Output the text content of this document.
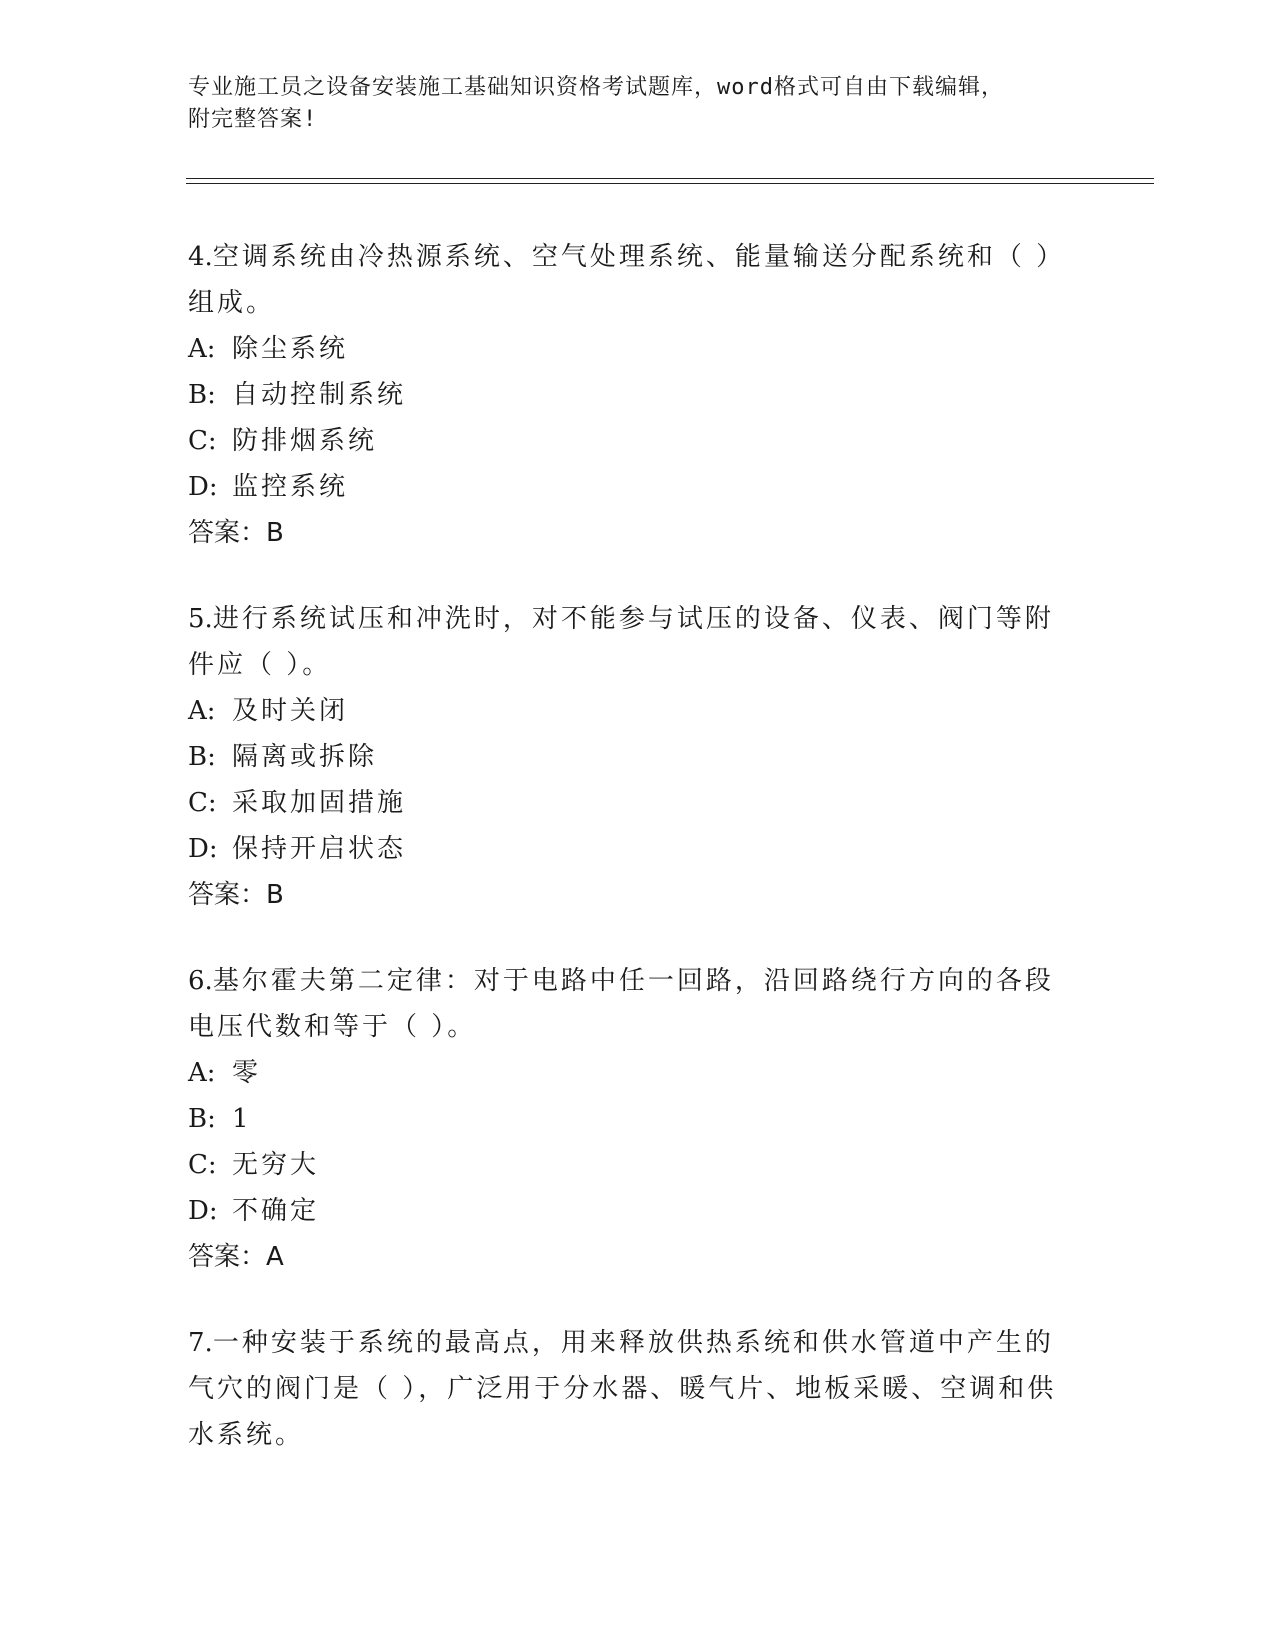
专业施工员之设备安装施工基础知识资格考试题库，word格式可自由下载编辑，
附完整答案!

4.空调系统由冷热源系统、空气处理系统、能量输送分配系统和（ ）组成。

A: 除尘系统
B: 自动控制系统
C: 防排烟系统
D: 监控系统
答案：B

5.进行系统试压和冲洗时，对不能参与试压的设备、仪表、阀门等附件应（ ）。

A: 及时关闭
B: 隔离或拆除
C: 采取加固措施
D: 保持开启状态
答案：B

6.基尔霍夫第二定律：对于电路中任一回路，沿回路绕行方向的各段电压代数和等于（ ）。

A: 零
B: 1
C: 无穷大
D: 不确定
答案：A

7.一种安装于系统的最高点，用来释放供热系统和供水管道中产生的气穴的阀门是（ ），广泛用于分水器、暖气片、地板采暖、空调和供水系统。
